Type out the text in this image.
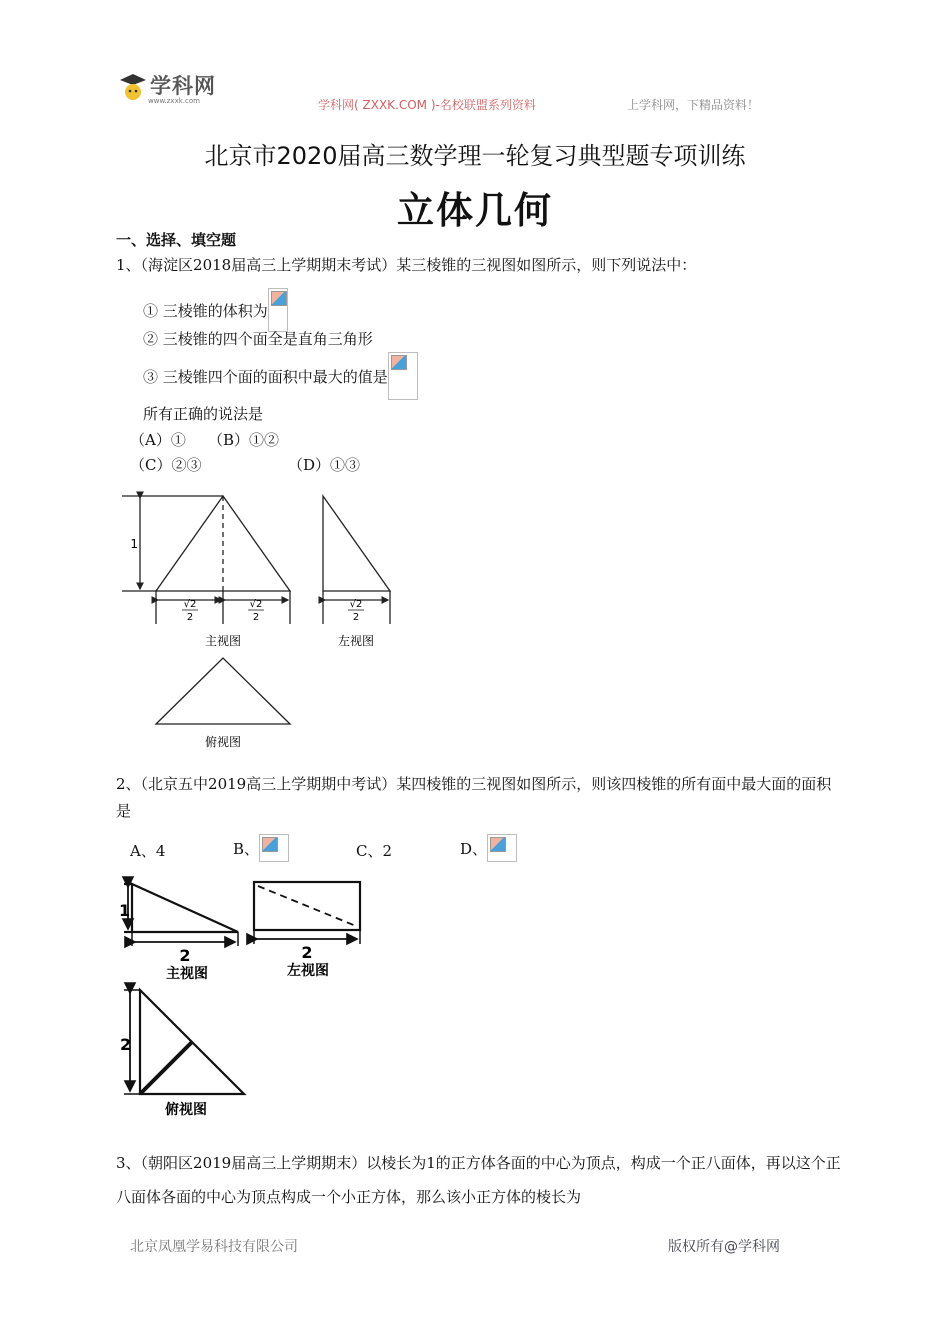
学科网
www.zxxk.com	学科网( ZXXK.COM )-名校联盟系列资料	上学科网，下精品资料！
北京市2020届高三数学理一轮复习典型题专项训练
立体几何
一、选择、填空题
1、（海淀区2018届高三上学期期末考试）某三棱锥的三视图如图所示，则下列说法中：
① 三棱锥的体积为
② 三棱锥的四个面全是直角三角形
③ 三棱锥四个面的面积中最大的值是
所有正确的说法是
（A）① （B）①②
（C）②③	（D）①③
1
√2
2
√2
2
√2
2
主视图	左视图
俯视图
2、（北京五中2019高三上学期期中考试）某四棱锥的三视图如图所示，则该四棱锥的所有面中最大面的面积是
A、4	B、	C、2	D、
1
2
主视图
2
左视图
2
俯视图
3、（朝阳区2019届高三上学期期末）以棱长为1的正方体各面的中心为顶点，构成一个正八面体，再以这个正八面体各面的中心为顶点构成一个小正方体，那么该小正方体的棱长为
北京凤凰学易科技有限公司	版权所有@学科网
